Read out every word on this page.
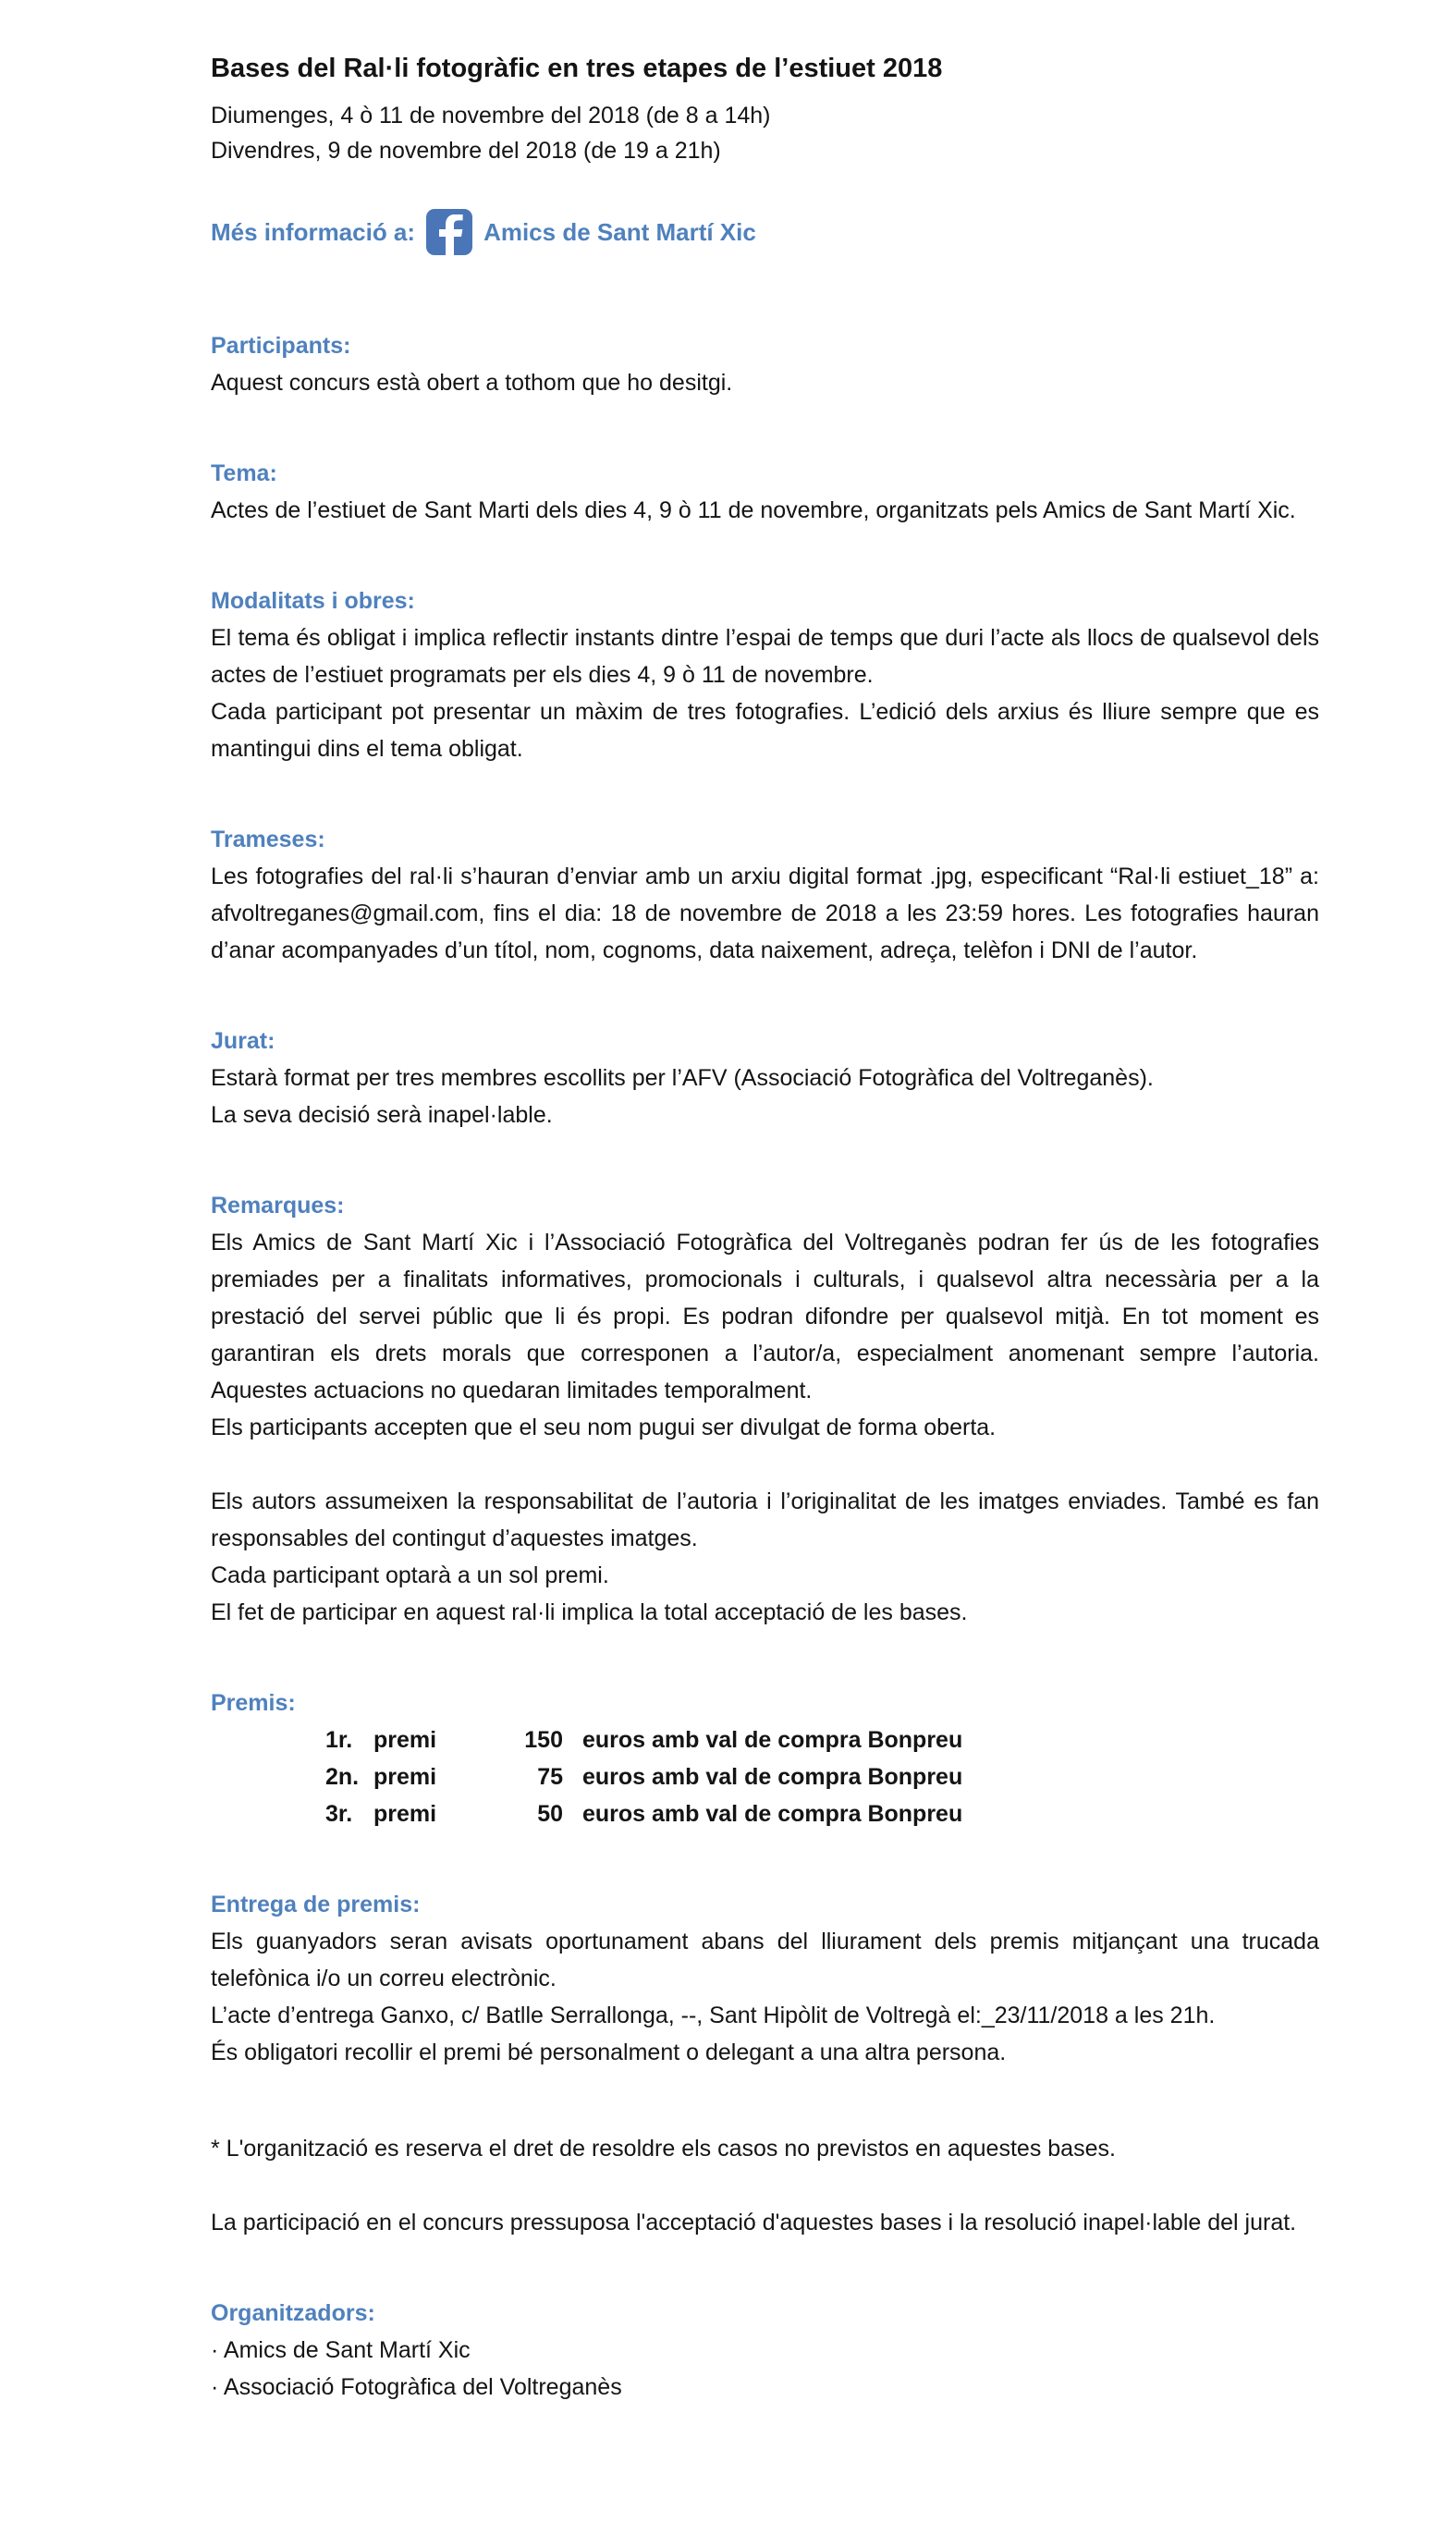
Bases del Ral·li fotogràfic en tres etapes de l’estiuet 2018

Diumenges, 4 ò 11 de novembre del 2018 (de 8 a 14h)

Divendres, 9 de novembre del 2018 (de 19 a 21h)

Més informació a:	Amics de Sant Martí Xic
Participants:

Aquest concurs està obert a tothom que ho desitgi.

Tema:

Actes de l’estiuet de Sant Marti dels dies 4, 9 ò 11 de novembre, organitzats pels Amics de Sant Martí Xic.

Modalitats i obres:

El tema és obligat i implica reflectir instants dintre l’espai de temps que duri l’acte als llocs de qualsevol dels actes de l’estiuet programats per els dies 4, 9 ò 11 de novembre.

Cada participant pot presentar un màxim de tres fotografies. L’edició dels arxius és lliure sempre que es mantingui dins el tema obligat.

Trameses:

Les fotografies del ral·li s’hauran d’enviar amb un arxiu digital format .jpg, especificant “Ral·li estiuet_18” a: afvoltreganes@gmail.com, fins el dia: 18 de novembre de 2018 a les 23:59 hores. Les fotografies hauran d’anar acompanyades d’un títol, nom, cognoms, data naixement, adreça, telèfon i DNI de l’autor.

Jurat:

Estarà format per tres membres escollits per l’AFV (Associació Fotogràfica del Voltreganès).

La seva decisió serà inapel·lable.

Remarques:

Els Amics de Sant Martí Xic i l’Associació Fotogràfica del Voltreganès podran fer ús de les fotografies premiades per a finalitats informatives, promocionals i culturals, i qualsevol altra necessària per a la prestació del servei públic que li és propi. Es podran difondre per qualsevol mitjà. En tot moment es garantiran els drets morals que corresponen a l’autor/a, especialment anomenant sempre l’autoria. Aquestes actuacions no quedaran limitades temporalment.

Els participants accepten que el seu nom pugui ser divulgat de forma oberta.

Els autors assumeixen la responsabilitat de l’autoria i l’originalitat de les imatges enviades. També es fan responsables del contingut d’aquestes imatges.

Cada participant optarà a un sol premi.

El fet de participar en aquest ral·li implica la total acceptació de les bases.

Premis:
1r. premi	150 euros amb val de compra Bonpreu
2n. premi	75 euros amb val de compra Bonpreu
3r. premi	50 euros amb val de compra Bonpreu
Entrega de premis:

Els guanyadors seran avisats oportunament abans del lliurament dels premis mitjançant una trucada telefònica i/o un correu electrònic.

L’acte d’entrega Ganxo, c/ Batlle Serrallonga, --, Sant Hipòlit de Voltregà el:_23/11/2018 a les 21h.

És obligatori recollir el premi bé personalment o delegant a una altra persona.

* L'organització es reserva el dret de resoldre els casos no previstos en aquestes bases.

La participació en el concurs pressuposa l'acceptació d'aquestes bases i la resolució inapel·lable del jurat.

Organitzadors:

· Amics de Sant Martí Xic

· Associació Fotogràfica del Voltreganès
